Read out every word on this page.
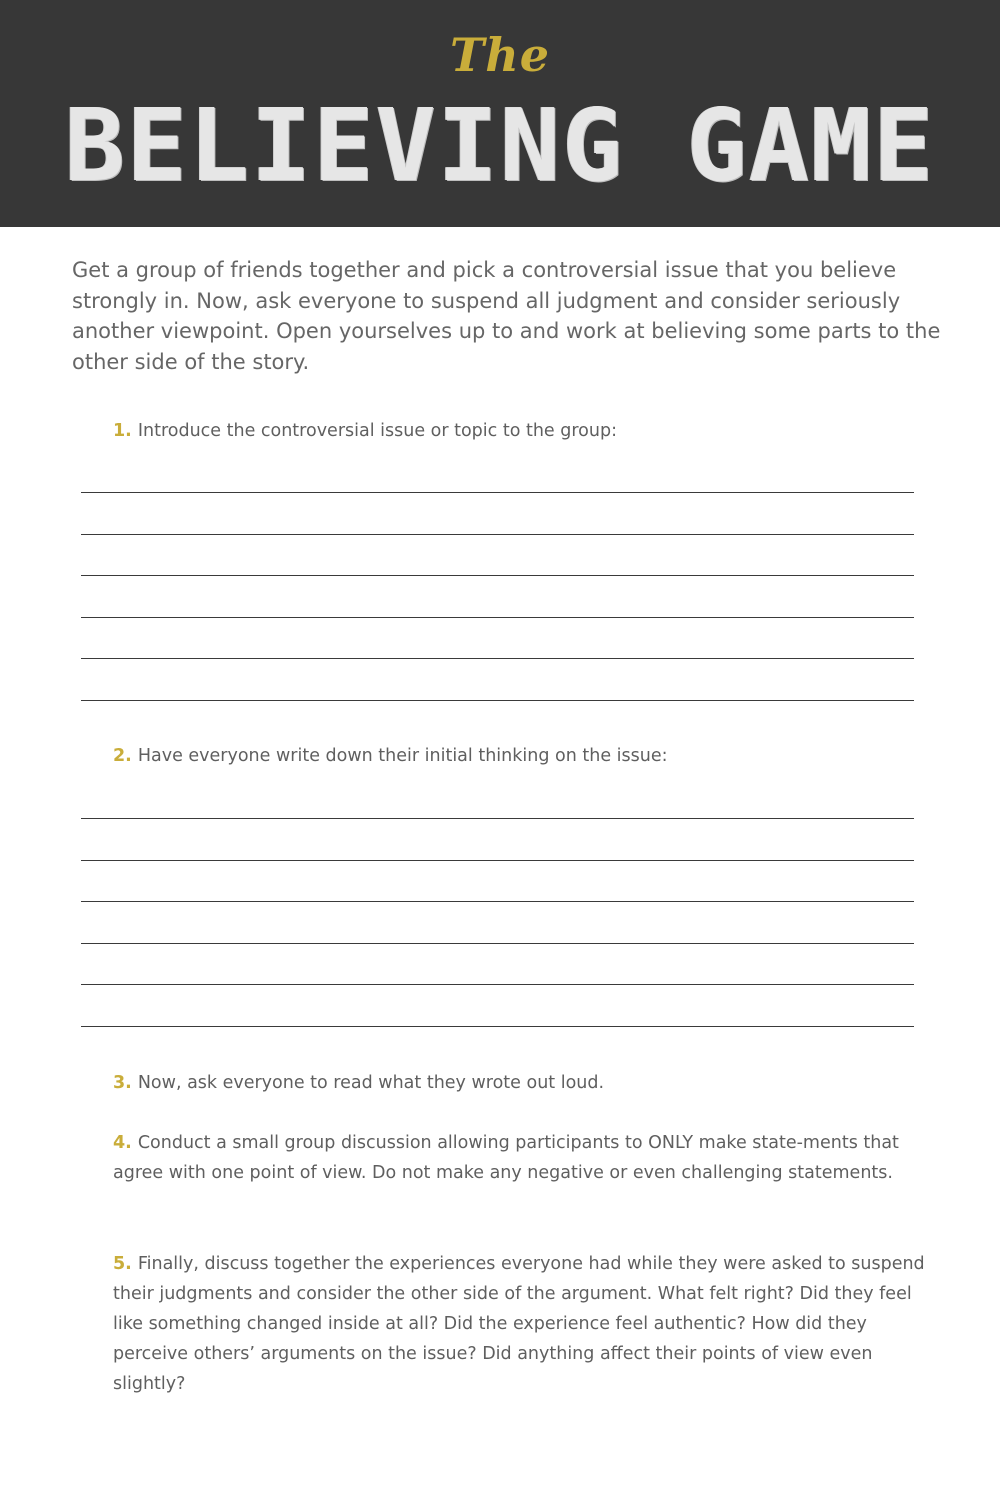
The
BELIEVING GAME

Get a group of friends together and pick a controversial issue that you believe strongly in. Now, ask everyone to suspend all judgment and consider seriously another viewpoint. Open yourselves up to and work at believing some parts to the other side of the story.

1. Introduce the controversial issue or topic to the group:

2. Have everyone write down their initial thinking on the issue:

3. Now, ask everyone to read what they wrote out loud.

4. Conduct a small group discussion allowing participants to ONLY make state-ments that agree with one point of view. Do not make any negative or even challenging statements.

5. Finally, discuss together the experiences everyone had while they were asked to suspend their judgments and consider the other side of the argument. What felt right? Did they feel like something changed inside at all? Did the experience feel authentic? How did they perceive others’ arguments on the issue? Did anything affect their points of view even slightly?
